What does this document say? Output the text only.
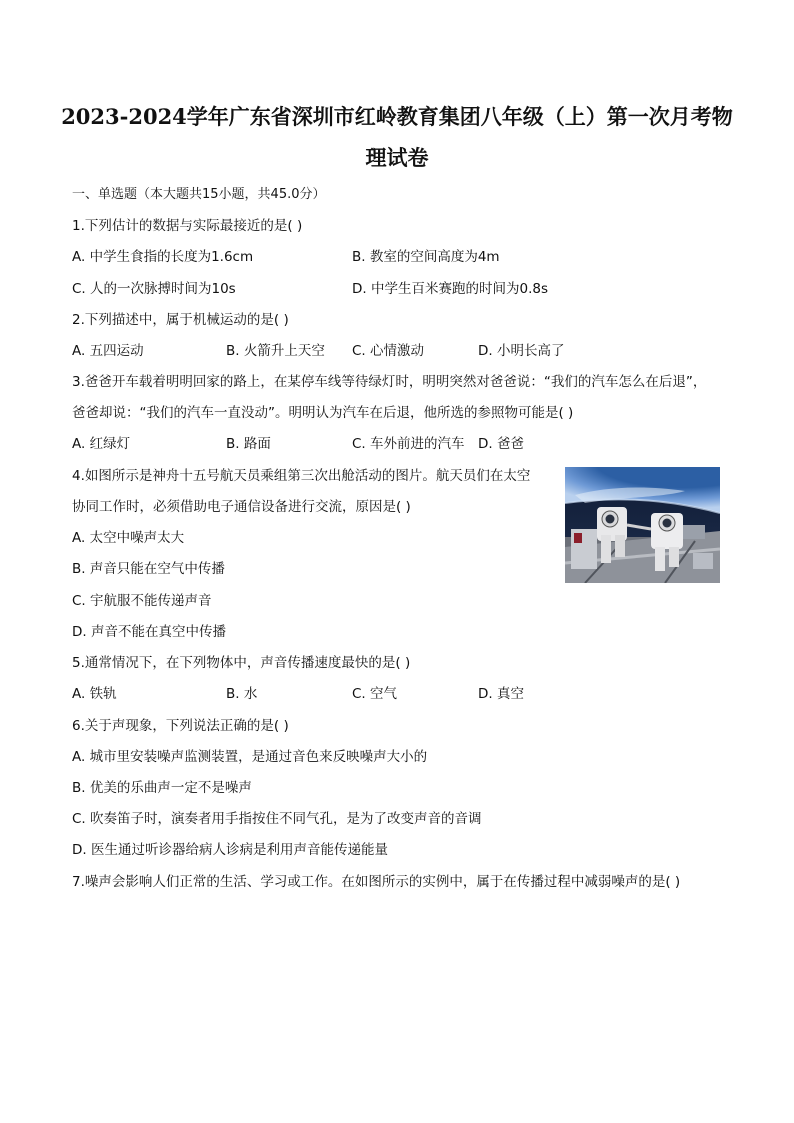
2023-2024学年广东省深圳市红岭教育集团八年级（上）第一次月考物
理试卷
一、单选题（本大题共15小题，共45.0分）
1.下列估计的数据与实际最接近的是( )
A. 中学生食指的长度为1.6cm	B. 教室的空间高度为4m
C. 人的一次脉搏时间为10s	D. 中学生百米赛跑的时间为0.8s
2.下列描述中，属于机械运动的是( )
A. 五四运动	B. 火箭升上天空 C. 心情激动	D. 小明长高了
3.爸爸开车载着明明回家的路上，在某停车线等待绿灯时，明明突然对爸爸说：“我们的汽车怎么在后退”，
爸爸却说：“我们的汽车一直没动”。明明认为汽车在后退，他所选的参照物可能是( )
A. 红绿灯	B. 路面	C. 车外前进的汽车 D. 爸爸
4.如图所示是神舟十五号航天员乘组第三次出舱活动的图片。航天员们在太空
协同工作时，必须借助电子通信设备进行交流，原因是( )
A. 太空中噪声太大
B. 声音只能在空气中传播
C. 宇航服不能传递声音
D. 声音不能在真空中传播
5.通常情况下，在下列物体中，声音传播速度最快的是( )
A. 铁轨	B. 水	C. 空气	D. 真空
6.关于声现象，下列说法正确的是( )
A. 城市里安装噪声监测装置，是通过音色来反映噪声大小的
B. 优美的乐曲声一定不是噪声
C. 吹奏笛子时，演奏者用手指按住不同气孔，是为了改变声音的音调
D. 医生通过听诊器给病人诊病是利用声音能传递能量
7.噪声会影响人们正常的生活、学习或工作。在如图所示的实例中，属于在传播过程中减弱噪声的是( )
